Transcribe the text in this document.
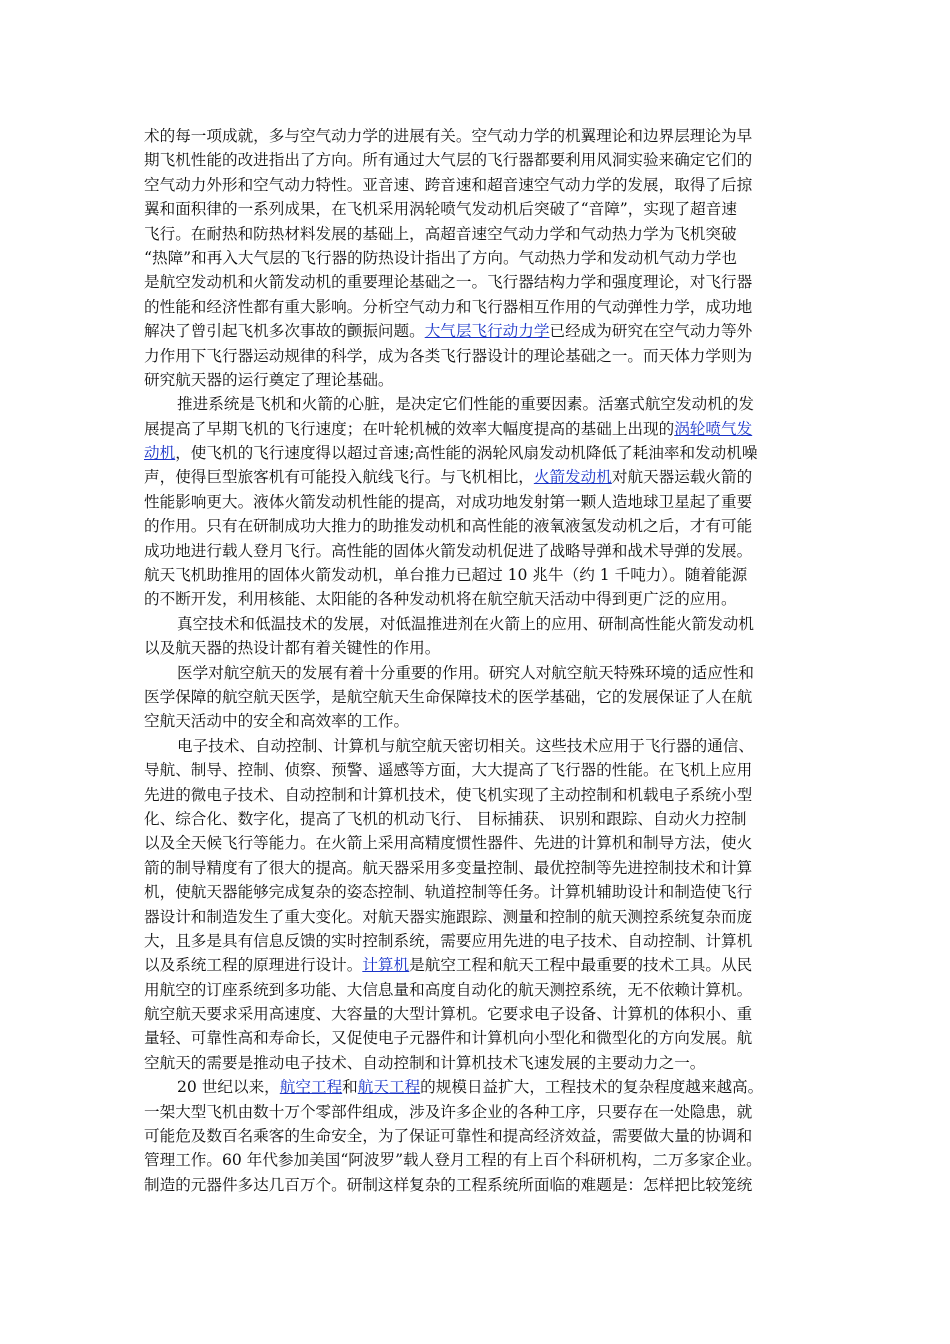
术的每一项成就，多与空气动力学的进展有关。空气动力学的机翼理论和边界层理论为早
期飞机性能的改进指出了方向。所有通过大气层的飞行器都要利用风洞实验来确定它们的
空气动力外形和空气动力特性。亚音速、跨音速和超音速空气动力学的发展，取得了后掠
翼和面积律的一系列成果，在飞机采用涡轮喷气发动机后突破了“音障”，实现了超音速
飞行。在耐热和防热材料发展的基础上，高超音速空气动力学和气动热力学为飞机突破
“热障”和再入大气层的飞行器的防热设计指出了方向。气动热力学和发动机气动力学也
是航空发动机和火箭发动机的重要理论基础之一。飞行器结构力学和强度理论，对飞行器
的性能和经济性都有重大影响。分析空气动力和飞行器相互作用的气动弹性力学，成功地
解决了曾引起飞机多次事故的颤振问题。大气层飞行动力学已经成为研究在空气动力等外
力作用下飞行器运动规律的科学，成为各类飞行器设计的理论基础之一。而天体力学则为
研究航天器的运行奠定了理论基础。
推进系统是飞机和火箭的心脏，是决定它们性能的重要因素。活塞式航空发动机的发
展提高了早期飞机的飞行速度；在叶轮机械的效率大幅度提高的基础上出现的涡轮喷气发
动机，使飞机的飞行速度得以超过音速;高性能的涡轮风扇发动机降低了耗油率和发动机噪
声，使得巨型旅客机有可能投入航线飞行。与飞机相比，火箭发动机对航天器运载火箭的
性能影响更大。液体火箭发动机性能的提高，对成功地发射第一颗人造地球卫星起了重要
的作用。只有在研制成功大推力的助推发动机和高性能的液氧液氢发动机之后，才有可能
成功地进行载人登月飞行。高性能的固体火箭发动机促进了战略导弹和战术导弹的发展。
航天飞机助推用的固体火箭发动机，单台推力已超过 10 兆牛（约 1 千吨力）。随着能源
的不断开发，利用核能、太阳能的各种发动机将在航空航天活动中得到更广泛的应用。
真空技术和低温技术的发展，对低温推进剂在火箭上的应用、研制高性能火箭发动机
以及航天器的热设计都有着关键性的作用。
医学对航空航天的发展有着十分重要的作用。研究人对航空航天特殊环境的适应性和
医学保障的航空航天医学，是航空航天生命保障技术的医学基础，它的发展保证了人在航
空航天活动中的安全和高效率的工作。
电子技术、自动控制、计算机与航空航天密切相关。这些技术应用于飞行器的通信、
导航、制导、控制、侦察、预警、遥感等方面，大大提高了飞行器的性能。在飞机上应用
先进的微电子技术、自动控制和计算机技术，使飞机实现了主动控制和机载电子系统小型
化、综合化、数字化，提高了飞机的机动飞行、 目标捕获、 识别和跟踪、自动火力控制
以及全天候飞行等能力。在火箭上采用高精度惯性器件、先进的计算机和制导方法，使火
箭的制导精度有了很大的提高。航天器采用多变量控制、最优控制等先进控制技术和计算
机，使航天器能够完成复杂的姿态控制、轨道控制等任务。计算机辅助设计和制造使飞行
器设计和制造发生了重大变化。对航天器实施跟踪、测量和控制的航天测控系统复杂而庞
大，且多是具有信息反馈的实时控制系统，需要应用先进的电子技术、自动控制、计算机
以及系统工程的原理进行设计。计算机是航空工程和航天工程中最重要的技术工具。从民
用航空的订座系统到多功能、大信息量和高度自动化的航天测控系统，无不依赖计算机。
航空航天要求采用高速度、大容量的大型计算机。它要求电子设备、计算机的体积小、重
量轻、可靠性高和寿命长，又促使电子元器件和计算机向小型化和微型化的方向发展。航
空航天的需要是推动电子技术、自动控制和计算机技术飞速发展的主要动力之一。
20 世纪以来，航空工程和航天工程的规模日益扩大，工程技术的复杂程度越来越高。
一架大型飞机由数十万个零部件组成，涉及许多企业的各种工序，只要存在一处隐患，就
可能危及数百名乘客的生命安全，为了保证可靠性和提高经济效益，需要做大量的协调和
管理工作。60 年代参加美国“阿波罗”载人登月工程的有上百个科研机构，二万多家企业。
制造的元器件多达几百万个。研制这样复杂的工程系统所面临的难题是：怎样把比较笼统
